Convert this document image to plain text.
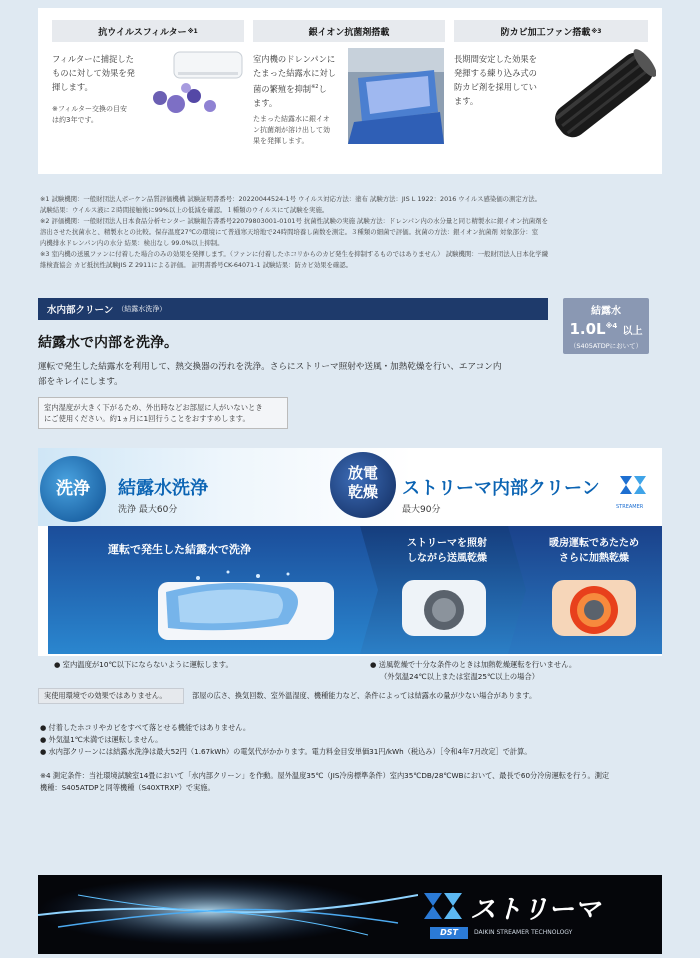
抗ウイルスフィルター ※1
フィルターに捕捉した
ものに対して効果を発
揮します。
※フィルター交換の目安
は約3年です。
銀イオン抗菌剤搭載
室内機のドレンパンに
たまった結露水に対し
菌の繁殖を抑制$^{※2}$し
ます。
たまった結露水に銀イオ
ン抗菌剤が溶け出して効
果を発揮します。
防カビ加工ファン搭載 ※3
長期間安定した効果を
発揮する練り込み式の
防カビ剤を採用してい
ます。
※1 試験機関：一般財団法人ボーケン品質評価機構 試験証明書番号：20220044524-1号 ウイルス対応方法：塗布 試験方法：JIS L 1922：2016 ウイルス感染価の測定方法。
試験結果：ウイルス液に２時間接触後に99%以上の低減を確認。１種類のウイルスにて試験を実施。
※2 評価機関：一般財団法人日本食品分析センター 試験報告書番号22079803001-0101号 抗菌性試験の実施 試験方法：ドレンパン内の水分量と同じ精製水に銀イオン抗菌剤を
溶出させた抗菌水と、精製水との比較。保存温度27℃の環境にて普通寒天培地で24時間培養し菌数を測定。３種類の細菌で評価。抗菌の方法：銀イオン抗菌剤 対象部分：室
内機排水ドレンパン内の水分 結果：検出なし 99.0%以上抑制。
※3 室内機の送風ファンに付着した場合のみの効果を発揮します。（ファンに付着したホコリからのカビ発生を抑制するものではありません） 試験機関：一般財団法人日本化学繊
維検査協会 カビ抵抗性試験JIS Z 2911による評価。 証明書番号CK-64071-1 試験結果：防カビ効果を確認。
水内部クリーン （結露水洗浄）	結露水
$1.0L^{※4}$ 以上
（S405ATDPにおいて）
結露水で内部を洗浄。
運転で発生した結露水を利用して、熱交換器の汚れを洗浄。さらにストリーマ照射や送風・加熱乾燥を行い、エアコン内
部をキレイにします。
室内湿度が大きく下がるため、外出時などお部屋に人がいないとき
にご使用ください。約1ヵ月に1回行うことをおすすめします。
洗浄	結露水洗浄
洗浄 最大60分
放電
乾燥	ストリーマ内部クリーン
最大90分	STREAMER
運転で発生した結露水で洗浄	ストリーマを照射
しながら送風乾燥
暖房運転であたため
さらに加熱乾燥
● 室内温度が10℃以下にならないように運転します。	● 送風乾燥で十分な条件のときは加熱乾燥運転を行いません。
（外気温24℃以上または室温25℃以上の場合）
実使用環境での効果ではありません。	部屋の広さ、換気回数、室外温湿度、機種能力など、条件によっては結露水の量が少ない場合があります。
● 付着したホコリやカビをすべて落とせる機能ではありません。
● 外気温1℃未満では運転しません。
● 水内部クリーンには結露水洗浄は最大52円（1.67kWh）の電気代がかかります。電力料金目安単価31円/kWh（税込み）［令和4年7月改定］で計算。
※4 測定条件：当社環境試験室14畳において「水内部クリーン」を作動。屋外温度35℃（JIS冷房標準条件）室内35℃DB/28℃WBにおいて、最長で60分冷房運転を行う。測定
機種：S405ATDPと同等機種（S40XTRXP）で実施。
ストリーマ
DST	DAIKIN STREAMER TECHNOLOGY
